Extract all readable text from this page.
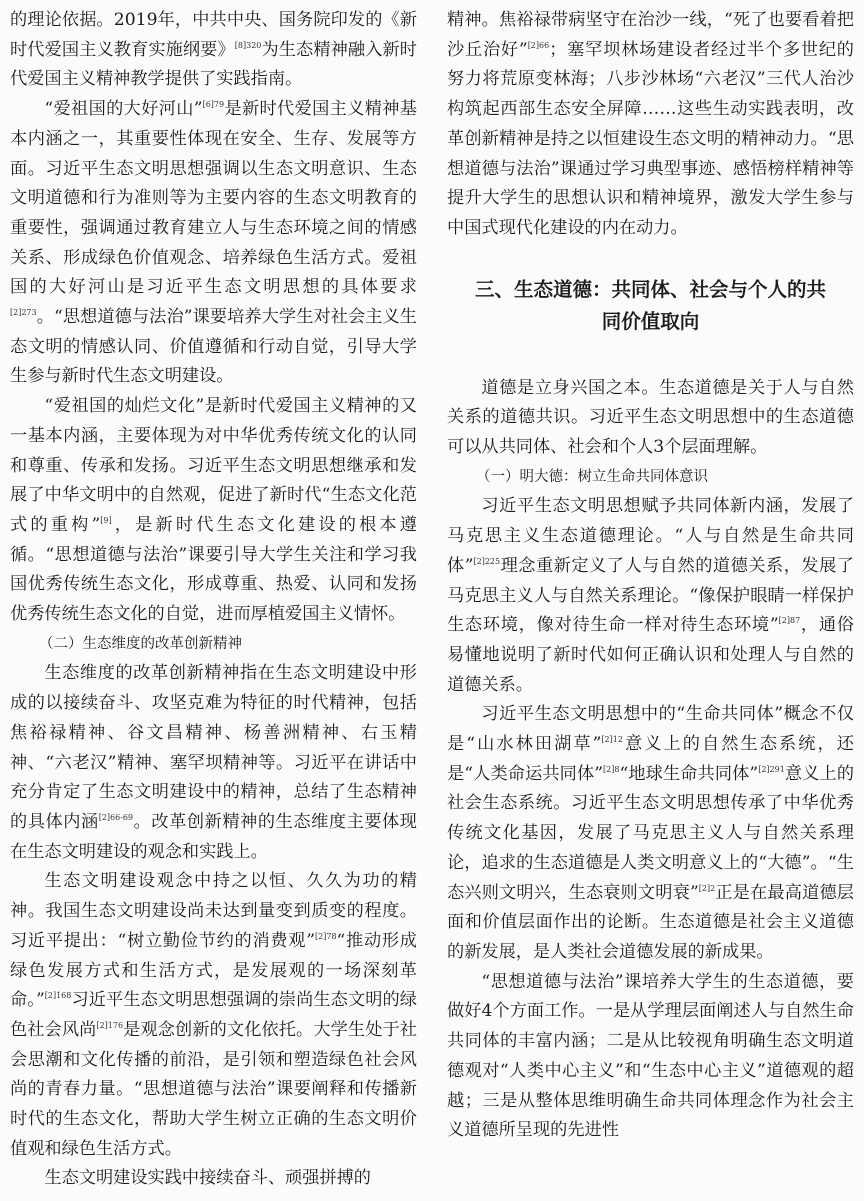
的理论依据。2019年，中共中央、国务院印发的《新时代爱国主义教育实施纲要》$^{[8]320}$为生态精神融入新时代爱国主义精神教学提供了实践指南。

“爱祖国的大好河山”$^{[6]79}$是新时代爱国主义精神基本内涵之一，其重要性体现在安全、生存、发展等方面。习近平生态文明思想强调以生态文明意识、生态文明道德和行为准则等为主要内容的生态文明教育的重要性，强调通过教育建立人与生态环境之间的情感关系、形成绿色价值观念、培养绿色生活方式。爱祖国的大好河山是习近平生态文明思想的具体要求$^{[2]273}$。“思想道德与法治”课要培养大学生对社会主义生态文明的情感认同、价值遵循和行动自觉，引导大学生参与新时代生态文明建设。

“爱祖国的灿烂文化”是新时代爱国主义精神的又一基本内涵，主要体现为对中华优秀传统文化的认同和尊重、传承和发扬。习近平生态文明思想继承和发展了中华文明中的自然观，促进了新时代“生态文化范式的重构”[9]，是新时代生态文化建设的根本遵循。“思想道德与法治”课要引导大学生关注和学习我国优秀传统生态文化，形成尊重、热爱、认同和发扬优秀传统生态文化的自觉，进而厚植爱国主义情怀。

（二）生态维度的改革创新精神

生态维度的改革创新精神指在生态文明建设中形成的以接续奋斗、攻坚克难为特征的时代精神，包括焦裕禄精神、谷文昌精神、杨善洲精神、右玉精神、“六老汉”精神、塞罕坝精神等。习近平在讲话中充分肯定了生态文明建设中的精神，总结了生态精神的具体内涵$^{[2]66-69}$。改革创新精神的生态维度主要体现在生态文明建设的观念和实践上。

生态文明建设观念中持之以恒、久久为功的精神。我国生态文明建设尚未达到量变到质变的程度。习近平提出：“树立勤俭节约的消费观”$^{[2]78}$“推动形成绿色发展方式和生活方式，是发展观的一场深刻革命。”$^{[2]168}$习近平生态文明思想强调的崇尚生态文明的绿色社会风尚$^{[2]176}$是观念创新的文化依托。大学生处于社会思潮和文化传播的前沿，是引领和塑造绿色社会风尚的青春力量。“思想道德与法治”课要阐释和传播新时代的生态文化，帮助大学生树立正确的生态文明价值观和绿色生活方式。

生态文明建设实践中接续奋斗、顽强拼搏的

精神。焦裕禄带病坚守在治沙一线，“死了也要看着把沙丘治好”$^{[2]66}$；塞罕坝林场建设者经过半个多世纪的努力将荒原变林海；八步沙林场“六老汉”三代人治沙构筑起西部生态安全屏障……这些生动实践表明，改革创新精神是持之以恒建设生态文明的精神动力。“思想道德与法治”课通过学习典型事迹、感悟榜样精神等提升大学生的思想认识和精神境界，激发大学生参与中国式现代化建设的内在动力。

三、生态道德：共同体、社会与个人的共
同价值取向

道德是立身兴国之本。生态道德是关于人与自然关系的道德共识。习近平生态文明思想中的生态道德可以从共同体、社会和个人3个层面理解。

（一）明大德：树立生命共同体意识

习近平生态文明思想赋予共同体新内涵，发展了马克思主义生态道德理论。“人与自然是生命共同体”$^{[2]225}$理念重新定义了人与自然的道德关系，发展了马克思主义人与自然关系理论。“像保护眼睛一样保护生态环境，像对待生命一样对待生态环境”$^{[2]87}$，通俗易懂地说明了新时代如何正确认识和处理人与自然的道德关系。

习近平生态文明思想中的“生命共同体”概念不仅是“山水林田湖草”$^{[2]12}$意义上的自然生态系统，还是“人类命运共同体”$^{[2]8}$“地球生命共同体”$^{[2]291}$意义上的社会生态系统。习近平生态文明思想传承了中华优秀传统文化基因，发展了马克思主义人与自然关系理论，追求的生态道德是人类文明意义上的“大德”。“生态兴则文明兴，生态衰则文明衰”$^{[2]2}$正是在最高道德层面和价值层面作出的论断。生态道德是社会主义道德的新发展，是人类社会道德发展的新成果。

“思想道德与法治”课培养大学生的生态道德，要做好4个方面工作。一是从学理层面阐述人与自然生命共同体的丰富内涵；二是从比较视角明确生态文明道德观对“人类中心主义”和“生态中心主义”道德观的超越；三是从整体思维明确生命共同体理念作为社会主义道德所呈现的先进性
